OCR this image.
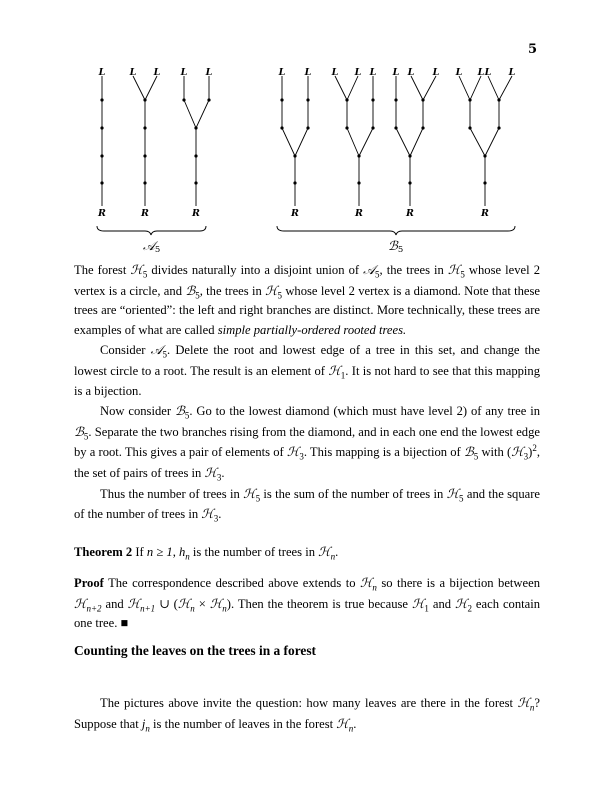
5
L	L L L L	L L L L L L L L L L L L
R	R	R	R	R	R	R
𝒜5	ℬ5

The forest ℋ$_5$ divides naturally into a disjoint union of 𝒜$_5$, the trees in ℋ$_5$ whose level 2 vertex is a circle, and ℬ$_5$, the trees in ℋ$_5$ whose level 2 vertex is a diamond. Note that these trees are “oriented”: the left and right branches are distinct. More technically, these trees are examples of what are called simple partially-ordered rooted trees.

Consider 𝒜$_5$. Delete the root and lowest edge of a tree in this set, and change the lowest circle to a root. The result is an element of ℋ$_1$. It is not hard to see that this mapping is a bijection.

Now consider ℬ$_5$. Go to the lowest diamond (which must have level 2) of any tree in ℬ$_5$. Separate the two branches rising from the diamond, and in each one end the lowest edge by a root. This gives a pair of elements of ℋ$_3$. This mapping is a bijection of ℬ$_5$ with (ℋ$_3$)$^2$, the set of pairs of trees in ℋ$_3$.

Thus the number of trees in ℋ$_5$ is the sum of the number of trees in ℋ$_5$ and the square of the number of trees in ℋ$_3$.

Theorem 2 If n ≥ 1, $h_n$ is the number of trees in ℋ$_n$.

Proof The correspondence described above extends to ℋ$_n$ so there is a bijection between ℋ$_{n+2}$ and ℋ$_{n+1}$ ∪ (ℋ$_n$ × ℋ$_n$). Then the theorem is true because ℋ$_1$ and ℋ$_2$ each contain one tree. ■

Counting the leaves on the trees in a forest

The pictures above invite the question: how many leaves are there in the forest ℋ$_n$? Suppose that $j_n$ is the number of leaves in the forest ℋ$_n$.
